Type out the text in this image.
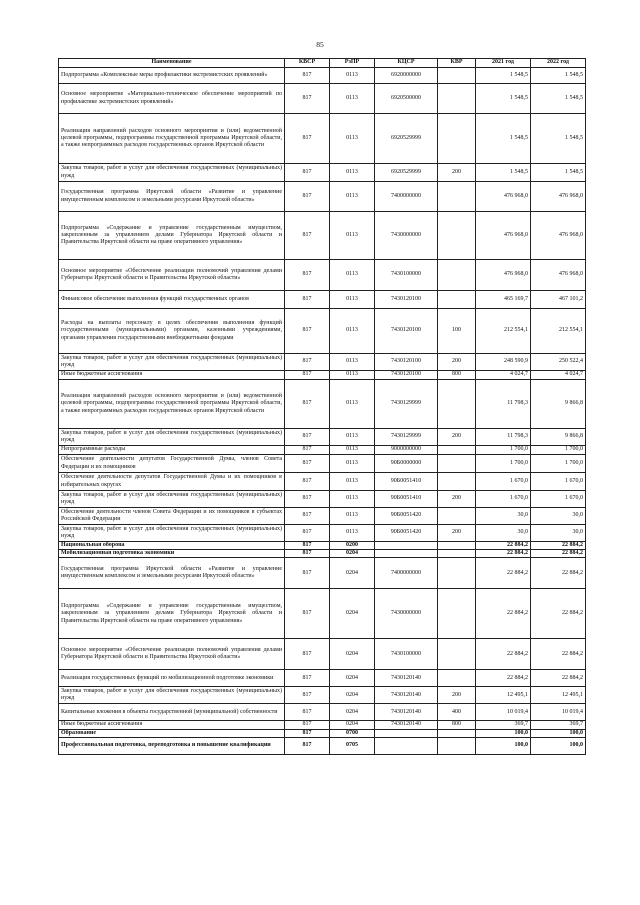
85
Наименование	КВСР	РзПР	КЦСР	КВР	2021 год	2022 год
Подпрограмма «Комплексные меры профилактики экстремистских проявлений»	817	0113	6920000000		1 548,5	1 548,5
Основное мероприятие «Материально-техническое обеспечение мероприятий по профилактике экстремистских проявлений»	817	0113	6920500000		1 548,5	1 548,5
Реализация направлений расходов основного мероприятия и (или) ведомственной целевой программы, подпрограммы государственной программы Иркутской области, а также непрограммных расходов государственных органов Иркутской области	817	0113	6920529999		1 548,5	1 548,5
Закупка товаров, работ и услуг для обеспечения государственных (муниципальных) нужд	817	0113	6920529999	200	1 548,5	1 548,5
Государственная программа Иркутской области «Развитие и управление имущественным комплексом и земельными ресурсами Иркутской области»	817	0113	7400000000		476 968,0	476 968,0
Подпрограмма «Содержание и управление государственным имуществом, закрепленным за управлением делами Губернатора Иркутской области и Правительства Иркутской области на праве оперативного управления»	817	0113	7430000000		476 968,0	476 968,0
Основное мероприятие «Обеспечение реализации полномочий управления делами Губернатора Иркутской области и Правительства Иркутской области»	817	0113	7430100000		476 968,0	476 968,0
Финансовое обеспечение выполнения функций государственных органов	817	0113	7430120100		465 169,7	467 101,2
Расходы на выплаты персоналу в целях обеспечения выполнения функций государственными (муниципальными) органами, казенными учреждениями, органами управления государственными внебюджетными фондами	817	0113	7430120100	100	212 554,1	212 554,1
Закупка товаров, работ и услуг для обеспечения государственных (муниципальных) нужд	817	0113	7430120100	200	248 590,9	250 522,4
Иные бюджетные ассигнования	817	0113	7430120100	800	4 024,7	4 024,7
Реализация направлений расходов основного мероприятия и (или) ведомственной целевой программы, подпрограммы государственной программы Иркутской области, а также непрограммных расходов государственных органов Иркутской области	817	0113	7430129999		11 798,3	9 866,8
Закупка товаров, работ и услуг для обеспечения государственных (муниципальных) нужд	817	0113	7430129999	200	11 798,3	9 866,8
Непрограммные расходы	817	0113	9000000000		1 700,0	1 700,0
Обеспечение деятельности депутатов Государственной Думы, членов Совета Федерации и их помощников	817	0113	90Б0000000		1 700,0	1 700,0
Обеспечение деятельности депутатов Государственной Думы и их помощников в избирательных округах	817	0113	90Б0051410		1 670,0	1 670,0
Закупка товаров, работ и услуг для обеспечения государственных (муниципальных) нужд	817	0113	90Б0051410	200	1 670,0	1 670,0
Обеспечение деятельности членов Совета Федерации и их помощников в субъектах Российской Федерации	817	0113	90Б0051420		30,0	30,0
Закупка товаров, работ и услуг для обеспечения государственных (муниципальных) нужд	817	0113	90Б0051420	200	30,0	30,0
Национальная оборона	817	0200			22 884,2	22 884,2
Мобилизационная подготовка экономики	817	0204			22 884,2	22 884,2
Государственная программа Иркутской области «Развитие и управление имущественным комплексом и земельными ресурсами Иркутской области»	817	0204	7400000000		22 884,2	22 884,2
Подпрограмма «Содержание и управление государственным имуществом, закрепленным за управлением делами Губернатора Иркутской области и Правительства Иркутской области на праве оперативного управления»	817	0204	7430000000		22 884,2	22 884,2
Основное мероприятие «Обеспечение реализации полномочий управления делами Губернатора Иркутской области и Правительства Иркутской области»	817	0204	7430100000		22 884,2	22 884,2
Реализация государственных функций по мобилизационной подготовке экономики	817	0204	7430120140		22 884,2	22 884,2
Закупка товаров, работ и услуг для обеспечения государственных (муниципальных) нужд	817	0204	7430120140	200	12 495,1	12 495,1
Капитальные вложения в объекты государственной (муниципальной) собственности	817	0204	7430120140	400	10 019,4	10 019,4
Иные бюджетные ассигнования	817	0204	7430120140	800	369,7	369,7
Образование	817	0700			100,0	100,0
Профессиональная подготовка, переподготовка и повышение квалификации	817	0705			100,0	100,0
